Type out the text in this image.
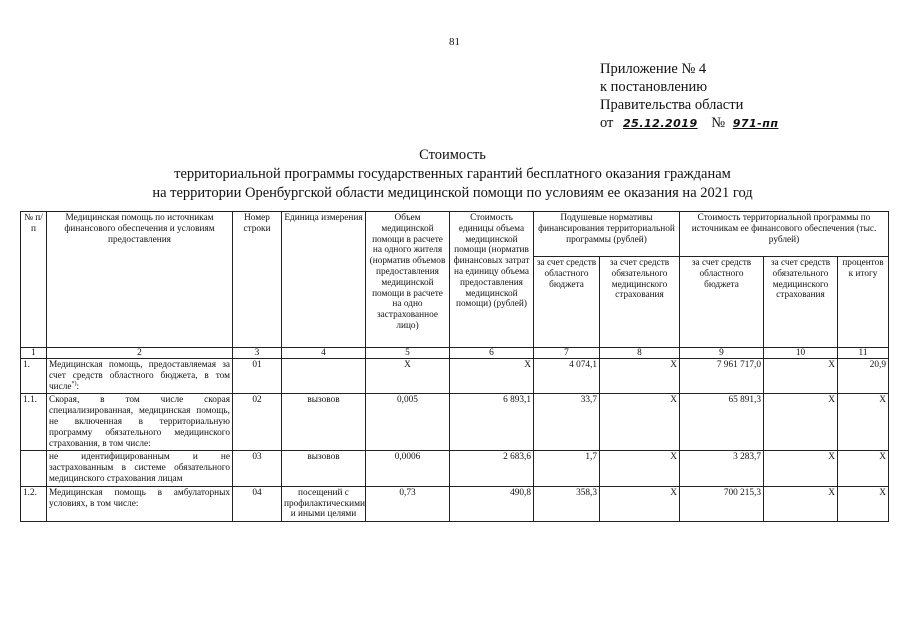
81
Приложение № 4
к постановлению
Правительства области
от 25.12.2019 № 971-пп
Стоимость
территориальной программы государственных гарантий бесплатного оказания гражданам
на территории Оренбургской области медицинской помощи по условиям ее оказания на 2021 год
№ п/п	Медицинская помощь по источникам финансового обеспечения и условиям предоставления	Номер строки	Единица измерения	Объем медицинской помощи в расчете на одного жителя (норматив объемов предоставления медицинской помощи в расчете на одно застрахованное лицо)	Стоимость единицы объема медицинской помощи (норматив финансовых затрат на единицу объема предоставления медицинской помощи) (рублей)	Подушевые нормативы финансирования территориальной программы (рублей)		Стоимость территориальной программы по источникам ее финансового обеспечения (тыс. рублей)		
						за счет средств областного бюджета	за счет средств обязательного медицинского страхования	за счет средств областного бюджета	за счет средств обязательного медицинского страхования	процентов к итогу
1	2	3	4	5	6	7	8	9	10	11
1.	Медицинская помощь, предоставляемая за счет средств областного бюджета, в том числе*):	01		X	X	4 074,1	X	7 961 717,0	X	20,9
1.1.	Скорая, в том числе скорая специализированная, медицинская помощь, не включенная в территориальную программу обязательного медицинского страхования, в том числе:	02	вызовов	0,005	6 893,1	33,7	X	65 891,3	X	X
	не идентифицированным и не застрахованным в системе обязательного медицинского страхования лицам	03	вызовов	0,0006	2 683,6	1,7	X	3 283,7	X	X
1.2.	Медицинская помощь в амбулаторных условиях, в том числе:	04	посещений с профилактическими и иными целями	0,73	490,8	358,3	X	700 215,3	X	X
